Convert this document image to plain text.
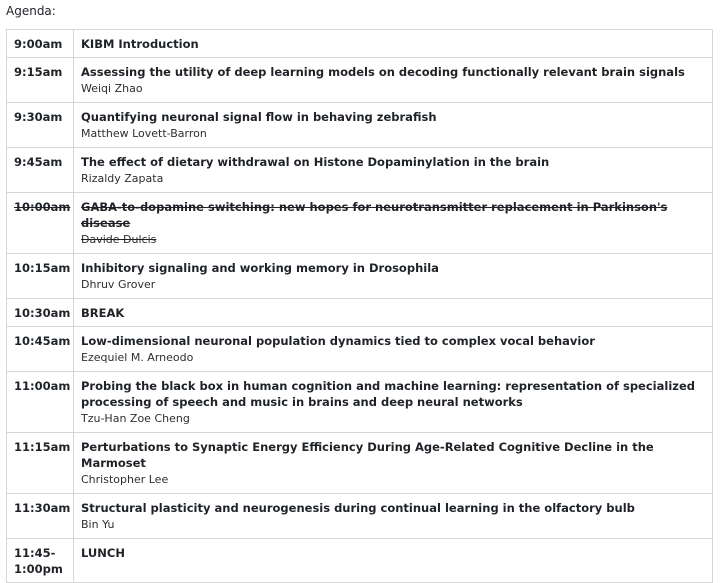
Agenda:
9:00am	KIBM Introduction

9:15am	Assessing the utility of deep learning models on decoding functionally relevant brain signals
Weiqi Zhao

9:30am	Quantifying neuronal signal flow in behaving zebrafish
Matthew Lovett-Barron

9:45am	The effect of dietary withdrawal on Histone Dopaminylation in the brain
Rizaldy Zapata

10:00am	GABA-to-dopamine switching: new hopes for neurotransmitter replacement in Parkinson's disease
Davide Dulcis

10:15am	Inhibitory signaling and working memory in Drosophila
Dhruv Grover

10:30am	BREAK

10:45am	Low-dimensional neuronal population dynamics tied to complex vocal behavior
Ezequiel M. Arneodo

11:00am	Probing the black box in human cognition and machine learning: representation of specialized processing of speech and music in brains and deep neural networks
Tzu-Han Zoe Cheng

11:15am	Perturbations to Synaptic Energy Efficiency During Age-Related Cognitive Decline in the Marmoset
Christopher Lee

11:30am	Structural plasticity and neurogenesis during continual learning in the olfactory bulb
Bin Yu

11:45-1:00pm	LUNCH
